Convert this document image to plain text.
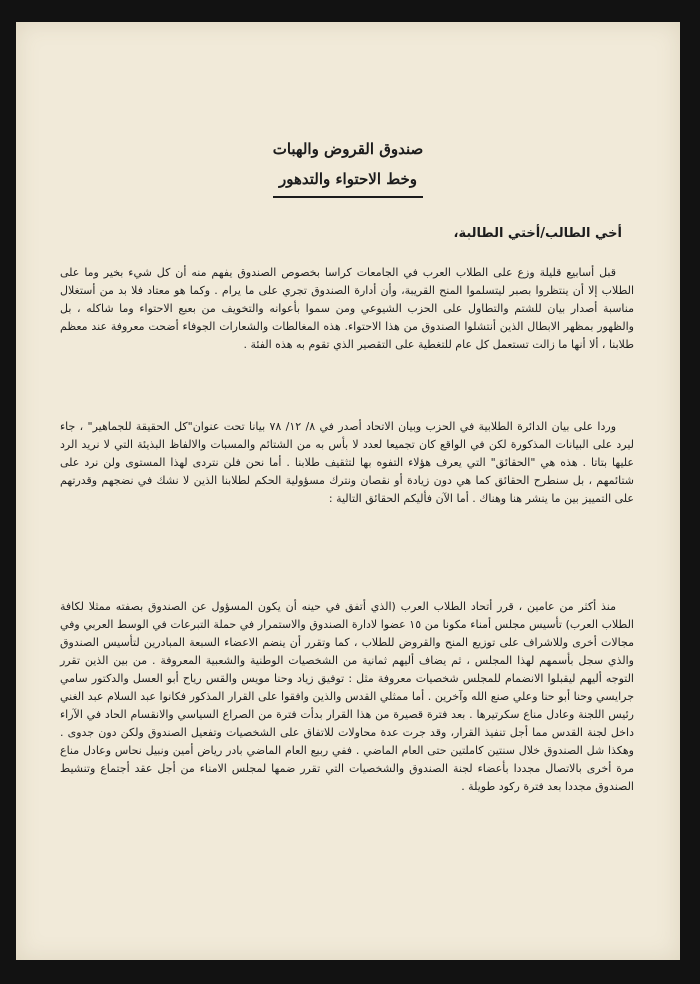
صندوق القروض والهبات
وخط الاحتواء والتدهور
أخي الطالب/أختي الطالبة،
قبل أسابيع قليلة وزع على الطلاب العرب في الجامعات كراسا بخصوص الصندوق يفهم منه أن كل شيء بخير وما على الطلاب إلا أن ينتظروا بصبر ليتسلموا المنح القريبة، وأن أدارة الصندوق تجري على ما يرام . وكما هو معتاد فلا بد من أستغلال مناسبة أصدار بيان للشتم والتطاول على الحزب الشيوعي ومن سموا بأعوانه والتخويف من بعبع الاحتواء وما شاكله ، بل والظهور بمظهر الابطال الذين أنتشلوا الصندوق من هذا الاحتواء. هذه المغالطات والشعارات الجوفاء أضحت معروفة عند معظم طلابنا ، ألا أنها ما زالت تستعمل كل عام للتغطية على التقصير الذي تقوم به هذه الفئة .
وردا على بيان الدائرة الطلابية في الحزب وبيان الاتحاد أصدر في ٨/ ١٢/ ٧٨ بيانا تحت عنوان"كل الحقيقة للجماهير" ، جاء ليرد على البيانات المذكورة لكن في الواقع كان تجميعا لعدد لا بأس به من الشتائم والمسبات والالفاظ البذيئة التي لا نريد الرد عليها بتاتا . هذه هي "الحقائق" التي يعرف هؤلاء التفوه بها لتثقيف طلابنا . أما نحن فلن نتردى لهذا المستوى ولن نرد على شتائمهم ، بل سنطرح الحقائق كما هي دون زيادة أو نقصان ونترك مسؤولية الحكم لطلابنا الذين لا نشك في نضجهم وقدرتهم على التمييز بين ما ينشر هنا وهناك . أما الآن فأليكم الحقائق التالية :
منذ أكثر من عامين ، قرر أتحاد الطلاب العرب (الذي أتفق في حينه أن يكون المسؤول عن الصندوق بصفته ممثلا لكافة الطلاب العرب) تأسيس مجلس أمناء مكونا من ١٥ عضوا لادارة الصندوق والاستمرار في حملة التبرعات في الوسط العربي وفي مجالات أخرى وللاشراف على توزيع المنح والقروض للطلاب ، كما وتقرر أن ينضم الاعضاء السبعة المبادرين لتأسيس الصندوق والذي سجل بأسمهم لهذا المجلس ، ثم يضاف أليهم ثمانية من الشخصيات الوطنية والشعبية المعروفة . من بين الذين تقرر التوجه أليهم ليقبلوا الانضمام للمجلس شخصيات معروفة مثل : توفيق زياد وحنا مويس والقس رياح أبو العسل والدكتور سامي جرايسي وحنا أبو حنا وعلي صنع الله وآخرين . أما ممثلي القدس والذين وافقوا على القرار المذكور فكانوا عبد السلام عبد الغني رئيس اللجنة وعادل مناع سكرتيرها . بعد فترة قصيرة من هذا القرار بدأت فترة من الصراع السياسي والانقسام الحاد في الآراء داخل لجنة القدس مما أجل تنفيذ القرار، وقد جرت عدة محاولات للاتفاق على الشخصيات وتفعيل الصندوق ولكن دون جدوى . وهكذا شل الصندوق خلال سنتين كاملتين حتى العام الماضي . ففي ربيع العام الماضي بادر رياض أمين ونبيل نحاس وعادل مناع مرة أخرى بالاتصال مجددا بأعضاء لجنة الصندوق والشخصيات التي تقرر ضمها لمجلس الامناء من أجل عقد أجتماع وتنشيط الصندوق مجددا بعد فترة ركود طويلة .
